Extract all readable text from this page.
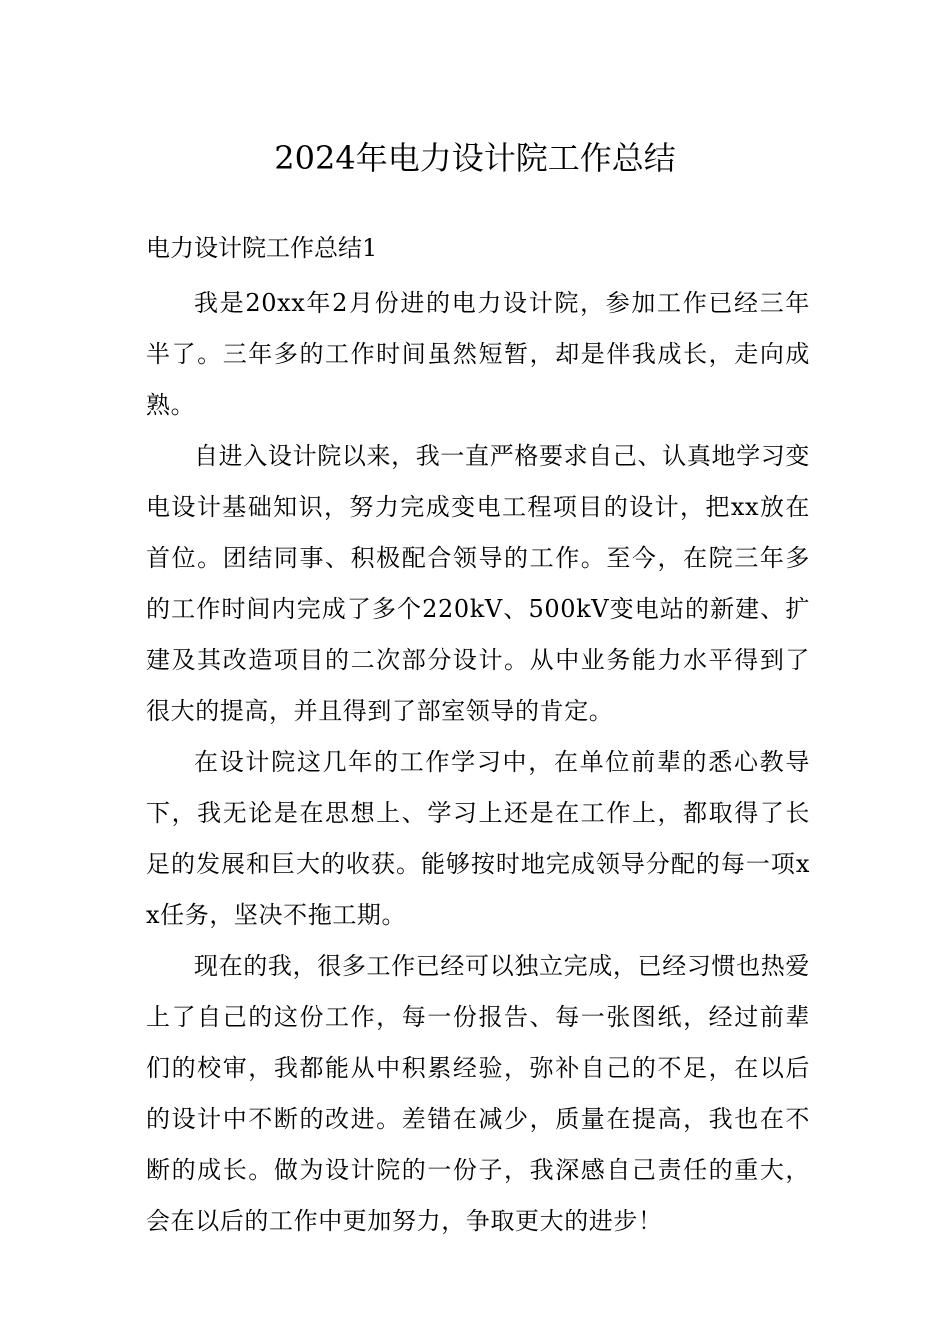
2024年电力设计院工作总结
电力设计院工作总结1

我是20xx年2月份进的电力设计院，参加工作已经三年半了。三年多的工作时间虽然短暂，却是伴我成长，走向成熟。

自进入设计院以来，我一直严格要求自己、认真地学习变电设计基础知识，努力完成变电工程项目的设计，把xx放在首位。团结同事、积极配合领导的工作。至今，在院三年多的工作时间内完成了多个220kV、500kV变电站的新建、扩建及其改造项目的二次部分设计。从中业务能力水平得到了很大的提高，并且得到了部室领导的肯定。

在设计院这几年的工作学习中，在单位前辈的悉心教导下，我无论是在思想上、学习上还是在工作上，都取得了长足的发展和巨大的收获。能够按时地完成领导分配的每一项xx任务，坚决不拖工期。

现在的我，很多工作已经可以独立完成，已经习惯也热爱上了自己的这份工作，每一份报告、每一张图纸，经过前辈们的校审，我都能从中积累经验，弥补自己的不足，在以后的设计中不断的改进。差错在减少，质量在提高，我也在不断的成长。做为设计院的一份子，我深感自己责任的重大，会在以后的工作中更加努力，争取更大的进步！
